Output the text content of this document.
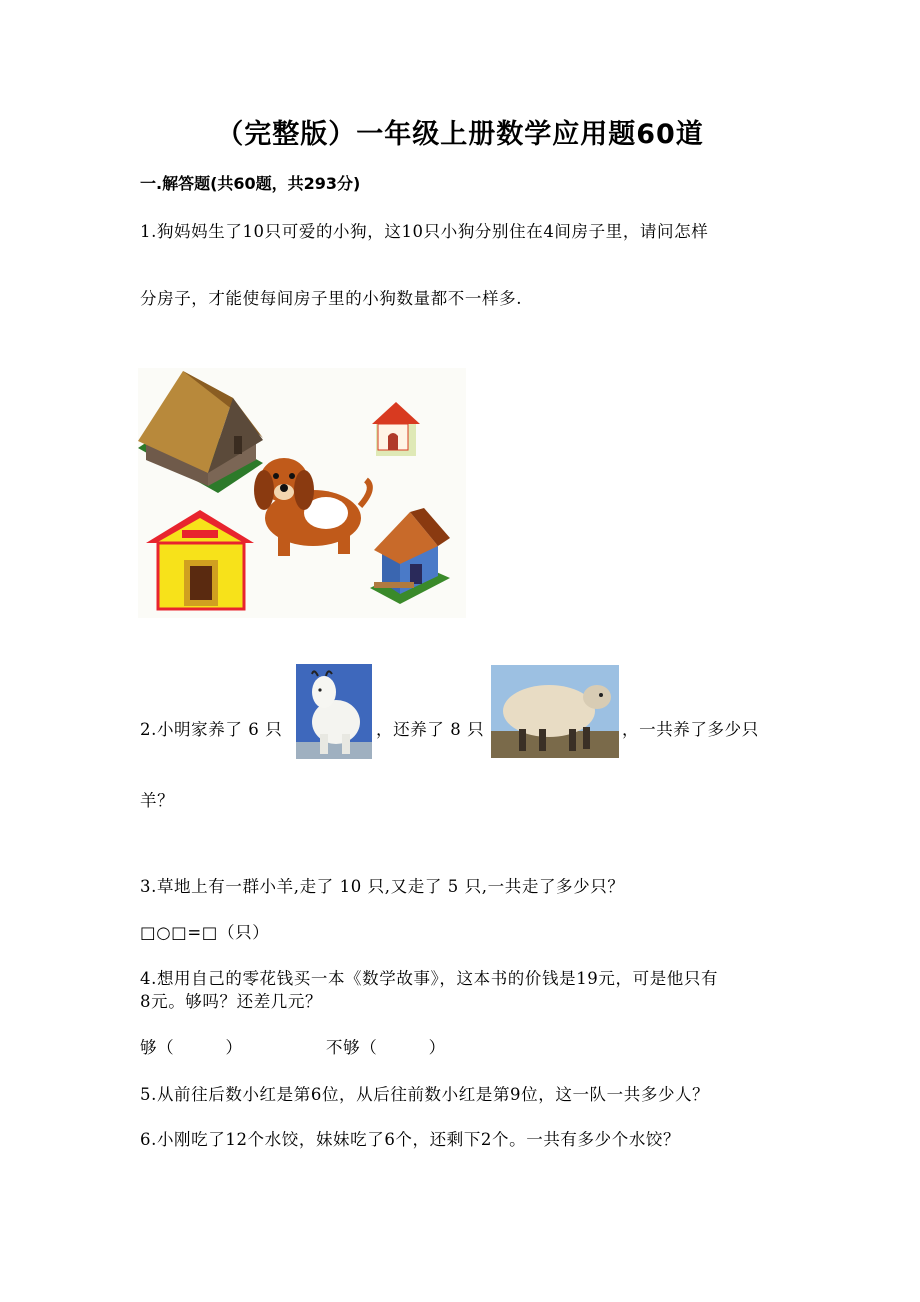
（完整版）一年级上册数学应用题60道
一.解答题(共60题，共293分)
1.狗妈妈生了10只可爱的小狗，这10只小狗分别住在4间房子里，请问怎样
分房子，才能使每间房子里的小狗数量都不一样多.
2.小明家养了 6 只	，还养了 8 只	，一共养了多少只
羊？
3.草地上有一群小羊,走了 10 只,又走了 5 只,一共走了多少只？
□○□=□（只）
4.想用自己的零花钱买一本《数学故事》，这本书的价钱是19元，可是他只有
8元。够吗？还差几元？
够（　　　）	不够（　　　）
5.从前往后数小红是第6位，从后往前数小红是第9位，这一队一共多少人？
6.小刚吃了12个水饺，妹妹吃了6个，还剩下2个。一共有多少个水饺？
